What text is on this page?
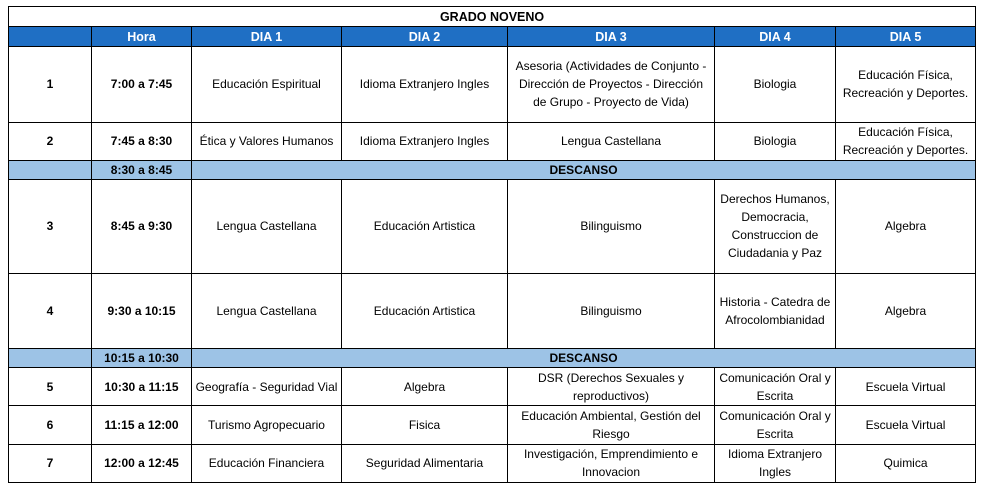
GRADO NOVENO						
	Hora	DIA 1	DIA 2	DIA 3	DIA 4	DIA 5
1	7:00 a 7:45	Educación Espiritual	Idioma Extranjero Ingles	Asesoria (Actividades de Conjunto - Dirección de Proyectos - Dirección de Grupo - Proyecto de Vida)	Biologia	Educación Física, Recreación y Deportes.
2	7:45 a 8:30	Ética y Valores Humanos	Idioma Extranjero Ingles	Lengua Castellana	Biologia	Educación Física, Recreación y Deportes.
	8:30 a 8:45	DESCANSO				
3	8:45 a 9:30	Lengua Castellana	Educación Artistica	Bilinguismo	Derechos Humanos, Democracia, Construccion de Ciudadania y Paz	Algebra
4	9:30 a 10:15	Lengua Castellana	Educación Artistica	Bilinguismo	Historia - Catedra de Afrocolombianidad	Algebra
	10:15 a 10:30	DESCANSO				
5	10:30 a 11:15	Geografía - Seguridad Vial	Algebra	DSR (Derechos Sexuales y reproductivos)	Comunicación Oral y Escrita	Escuela Virtual
6	11:15 a 12:00	Turismo Agropecuario	Fisica	Educación Ambiental, Gestión del Riesgo	Comunicación Oral y Escrita	Escuela Virtual
7	12:00 a 12:45	Educación Financiera	Seguridad Alimentaria	Investigación, Emprendimiento e Innovacion	Idioma Extranjero Ingles	Quimica
